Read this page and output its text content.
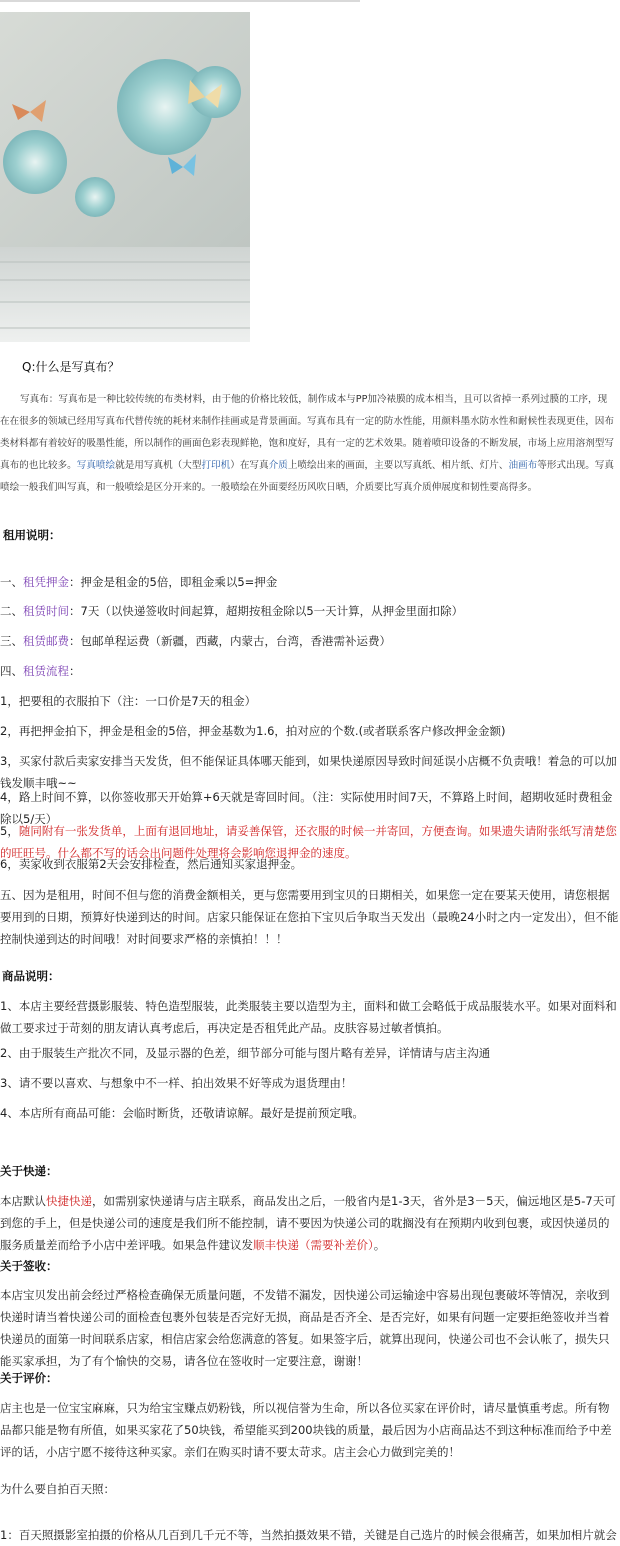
Q:什么是写真布？
写真布：写真布是一种比较传统的布类材料，由于他的价格比较低，制作成本与PP加冷裱膜的成本相当，且可以省掉一系列过膜的工序，现在在很多的领域已经用写真布代替传统的耗材来制作挂画或是背景画面。写真布具有一定的防水性能，用颜料墨水防水性和耐候性表现更佳，因布类材料都有着较好的吸墨性能，所以制作的画面色彩表现鲜艳，饱和度好，具有一定的艺术效果。随着喷印设备的不断发展，市场上应用溶剂型写真布的也比较多。写真喷绘就是用写真机（大型打印机）在写真介质上喷绘出来的画面，主要以写真纸、相片纸、灯片、油画布等形式出现。写真喷绘一般我们叫写真，和一般喷绘是区分开来的。一般喷绘在外面要经历风吹日晒，介质要比写真介质伸展度和韧性要高得多。
租用说明：
一、租凭押金：押金是租金的5倍，即租金乘以5=押金
二、租赁时间：7天（以快递签收时间起算，超期按租金除以5一天计算，从押金里面扣除）
三、租赁邮费：包邮单程运费（新疆，西藏，内蒙古，台湾，香港需补运费）
四、租赁流程：
1，把要租的衣服拍下（注：一口价是7天的租金）
2，再把押金拍下，押金是租金的5倍，押金基数为1.6，拍对应的个数.(或者联系客户修改押金金额)
3，买家付款后卖家安排当天发货，但不能保证具体哪天能到，如果快递原因导致时间延误小店概不负责哦！着急的可以加钱发顺丰哦~~
4，路上时间不算，以你签收那天开始算+6天就是寄回时间。（注：实际使用时间7天，不算路上时间，超期收延时费租金除以5/天）
5，随同附有一张发货单，上面有退回地址，请妥善保管，还衣服的时候一并寄回，方便查询。如果遗失请附张纸写清楚您的旺旺号。什么都不写的话会出问题件处理将会影响您退押金的速度。
6，卖家收到衣服第2天会安排检查，然后通知买家退押金。
五、因为是租用，时间不但与您的消费金额相关，更与您需要用到宝贝的日期相关，如果您一定在要某天使用，请您根据要用到的日期，预算好快递到达的时间。店家只能保证在您拍下宝贝后争取当天发出（最晚24小时之内一定发出），但不能控制快递到达的时间哦！对时间要求严格的亲慎拍！！！
商品说明：
1、本店主要经营摄影服装、特色造型服装，此类服装主要以造型为主，面料和做工会略低于成品服装水平。如果对面料和做工要求过于苛刻的朋友请认真考虑后，再决定是否租凭此产品。皮肤容易过敏者慎拍。
2、由于服装生产批次不同，及显示器的色差，细节部分可能与图片略有差异，详情请与店主沟通
3、请不要以喜欢、与想象中不一样、拍出效果不好等成为退货理由！
4、本店所有商品可能：会临时断货，还敬请谅解。最好是提前预定哦。
关于快递：
本店默认快捷快递，如需别家快递请与店主联系，商品发出之后，一般省内是1-3天，省外是3－5天，偏远地区是5-7天可到您的手上，但是快递公司的速度是我们所不能控制，请不要因为快递公司的耽搁没有在预期内收到包裹，或因快递员的服务质量差而给予小店中差评哦。如果急件建议发顺丰快递（需要补差价）。
关于签收：
本店宝贝发出前会经过严格检查确保无质量问题，不发错不漏发，因快递公司运输途中容易出现包裹破坏等情况，亲收到快递时请当着快递公司的面检查包裹外包装是否完好无损，商品是否齐全、是否完好，如果有问题一定要拒绝签收并当着快递员的面第一时间联系店家，相信店家会给您满意的答复。如果签字后，就算出现问，快递公司也不会认帐了，损失只能买家承担，为了有个愉快的交易，请各位在签收时一定要注意，谢谢！
关于评价：
店主也是一位宝宝麻麻，只为给宝宝赚点奶粉钱，所以视信誉为生命，所以各位买家在评价时，请尽量慎重考虑。所有物品都只能是物有所值，如果买家花了50块钱，希望能买到200块钱的质量，最后因为小店商品达不到这种标准而给予中差评的话，小店宁愿不接待这种买家。亲们在购买时请不要太苛求。店主会心力做到完美的！
为什么要自拍百天照：
1：百天照摄影室拍摄的价格从几百到几千元不等，当然拍摄效果不错，关键是自己选片的时候会很痛苦，如果加相片就会
